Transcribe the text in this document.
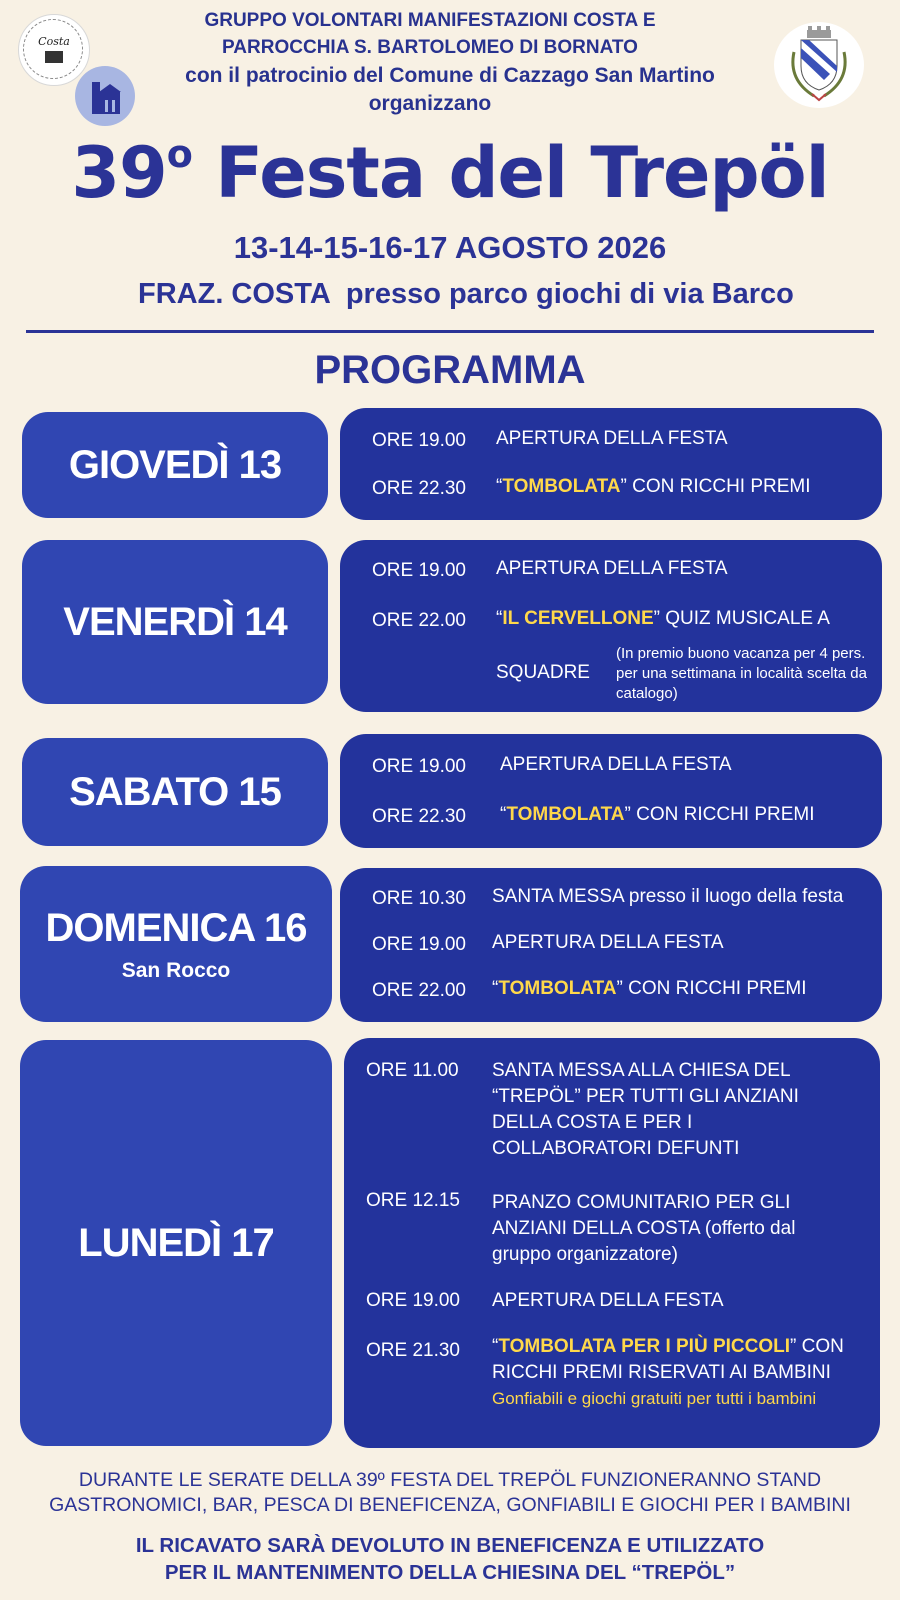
Costa
GRUPPO VOLONTARI MANIFESTAZIONI COSTA E
PARROCCHIA S. BARTOLOMEO DI BORNATO
con il patrocinio del Comune di Cazzago San Martino
organizzano
39$^o$ Festa del Trepöl
13-14-15-16-17 AGOSTO 2026
FRAZ. COSTA  presso parco giochi di via Barco
PROGRAMMA
GIOVEDÌ 13
ORE 19.00 APERTURA DELLA FESTA
ORE 22.30 “TOMBOLATA” CON RICCHI PREMI
VENERDÌ 14
ORE 19.00 APERTURA DELLA FESTA
ORE 22.00 “IL CERVELLONE” QUIZ MUSICALE A
SQUADRE
(In premio buono vacanza per 4 pers. per una settimana in località scelta da catalogo)
SABATO 15
ORE 19.00 APERTURA DELLA FESTA
ORE 22.30 “TOMBOLATA” CON RICCHI PREMI
DOMENICA 16
San Rocco
ORE 10.30 SANTA MESSA presso il luogo della festa
ORE 19.00 APERTURA DELLA FESTA
ORE 22.00 “TOMBOLATA” CON RICCHI PREMI
LUNEDÌ 17
ORE 11.00 SANTA MESSA ALLA CHIESA DEL
“TREPÖL” PER TUTTI GLI ANZIANI
DELLA COSTA E PER I
COLLABORATORI DEFUNTI
ORE 12.15 PRANZO COMUNITARIO PER GLI
ANZIANI DELLA COSTA (offerto dal
gruppo organizzatore)
ORE 19.00 APERTURA DELLA FESTA
ORE 21.30 “TOMBOLATA PER I PIÙ PICCOLI” CON
RICCHI PREMI RISERVATI AI BAMBINI
Gonfiabili e giochi gratuiti per tutti i bambini
DURANTE LE SERATE DELLA 39º FESTA DEL TREPÖL FUNZIONERANNO STAND
GASTRONOMICI, BAR, PESCA DI BENEFICENZA, GONFIABILI E GIOCHI PER I BAMBINI
IL RICAVATO SARÀ DEVOLUTO IN BENEFICENZA E UTILIZZATO
PER IL MANTENIMENTO DELLA CHIESINA DEL “TREPÖL”
